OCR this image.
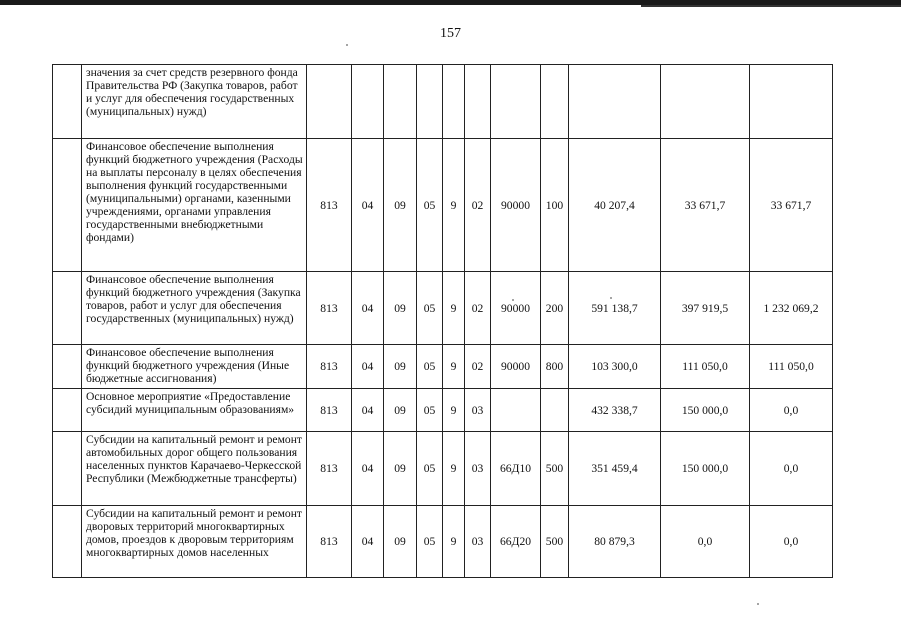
157
	значения за счет средств резервного фонда Правительства РФ (Закупка товаров, работ и услуг для обеспечения государственных (муниципальных) нужд)											
	Финансовое обеспечение выполнения функций бюджетного учреждения (Расходы на выплаты персоналу в целях обеспечения выполнения функций государственными (муниципальными) органами, казенными учреждениями, органами управления государственными внебюджетными фондами)	813	04	09	05	9	02	90000	100	40 207,4	33 671,7	33 671,7
	Финансовое обеспечение выполнения функций бюджетного учреждения (Закупка товаров, работ и услуг для обеспечения государственных (муниципальных) нужд)	813	04	09	05	9	02	90000	200	591 138,7	397 919,5	1 232 069,2
	Финансовое обеспечение выполнения функций бюджетного учреждения (Иные бюджетные ассигнования)	813	04	09	05	9	02	90000	800	103 300,0	111 050,0	111 050,0
	Основное мероприятие «Предоставление субсидий муниципальным образованиям»	813	04	09	05	9	03			432 338,7	150 000,0	0,0
	Субсидии на капитальный ремонт и ремонт автомобильных дорог общего пользования населенных пунктов Карачаево-Черкесской Республики (Межбюджетные трансферты)	813	04	09	05	9	03	66Д10	500	351 459,4	150 000,0	0,0
	Субсидии на капитальный ремонт и ремонт дворовых территорий многоквартирных домов, проездов к дворовым территориям многоквартирных домов населенных	813	04	09	05	9	03	66Д20	500	80 879,3	0,0	0,0
